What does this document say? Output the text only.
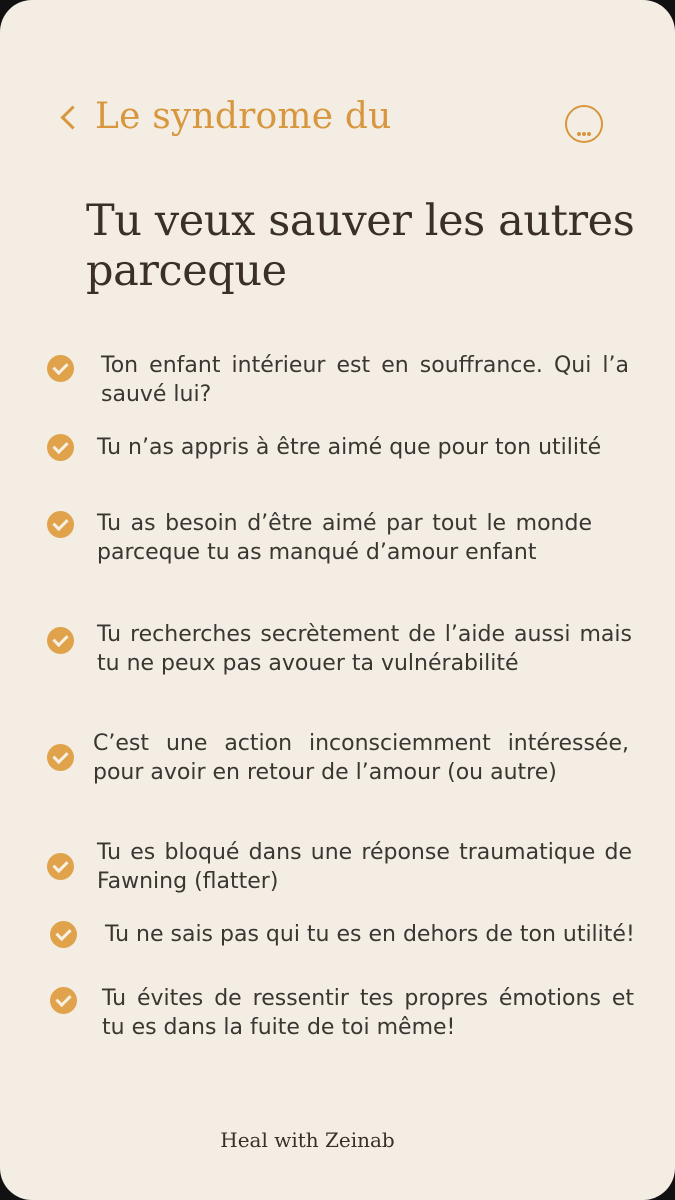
Le syndrome du
Tu veux sauver les autres parceque

Ton enfant intérieur est en souffrance. Qui l’a sauvé lui?

Tu n’as appris à être aimé que pour ton utilité

Tu as besoin d’être aimé par tout le monde parceque tu as manqué d’amour enfant

Tu recherches secrètement de l’aide aussi mais tu ne peux pas avouer ta vulnérabilité

C’est une action inconsciemment intéressée, pour avoir en retour de l’amour (ou autre)

Tu es bloqué dans une réponse traumatique de Fawning (flatter)

Tu ne sais pas qui tu es en dehors de ton utilité!

Tu évites de ressentir tes propres émotions et tu es dans la fuite de toi même!

Heal with Zeinab
